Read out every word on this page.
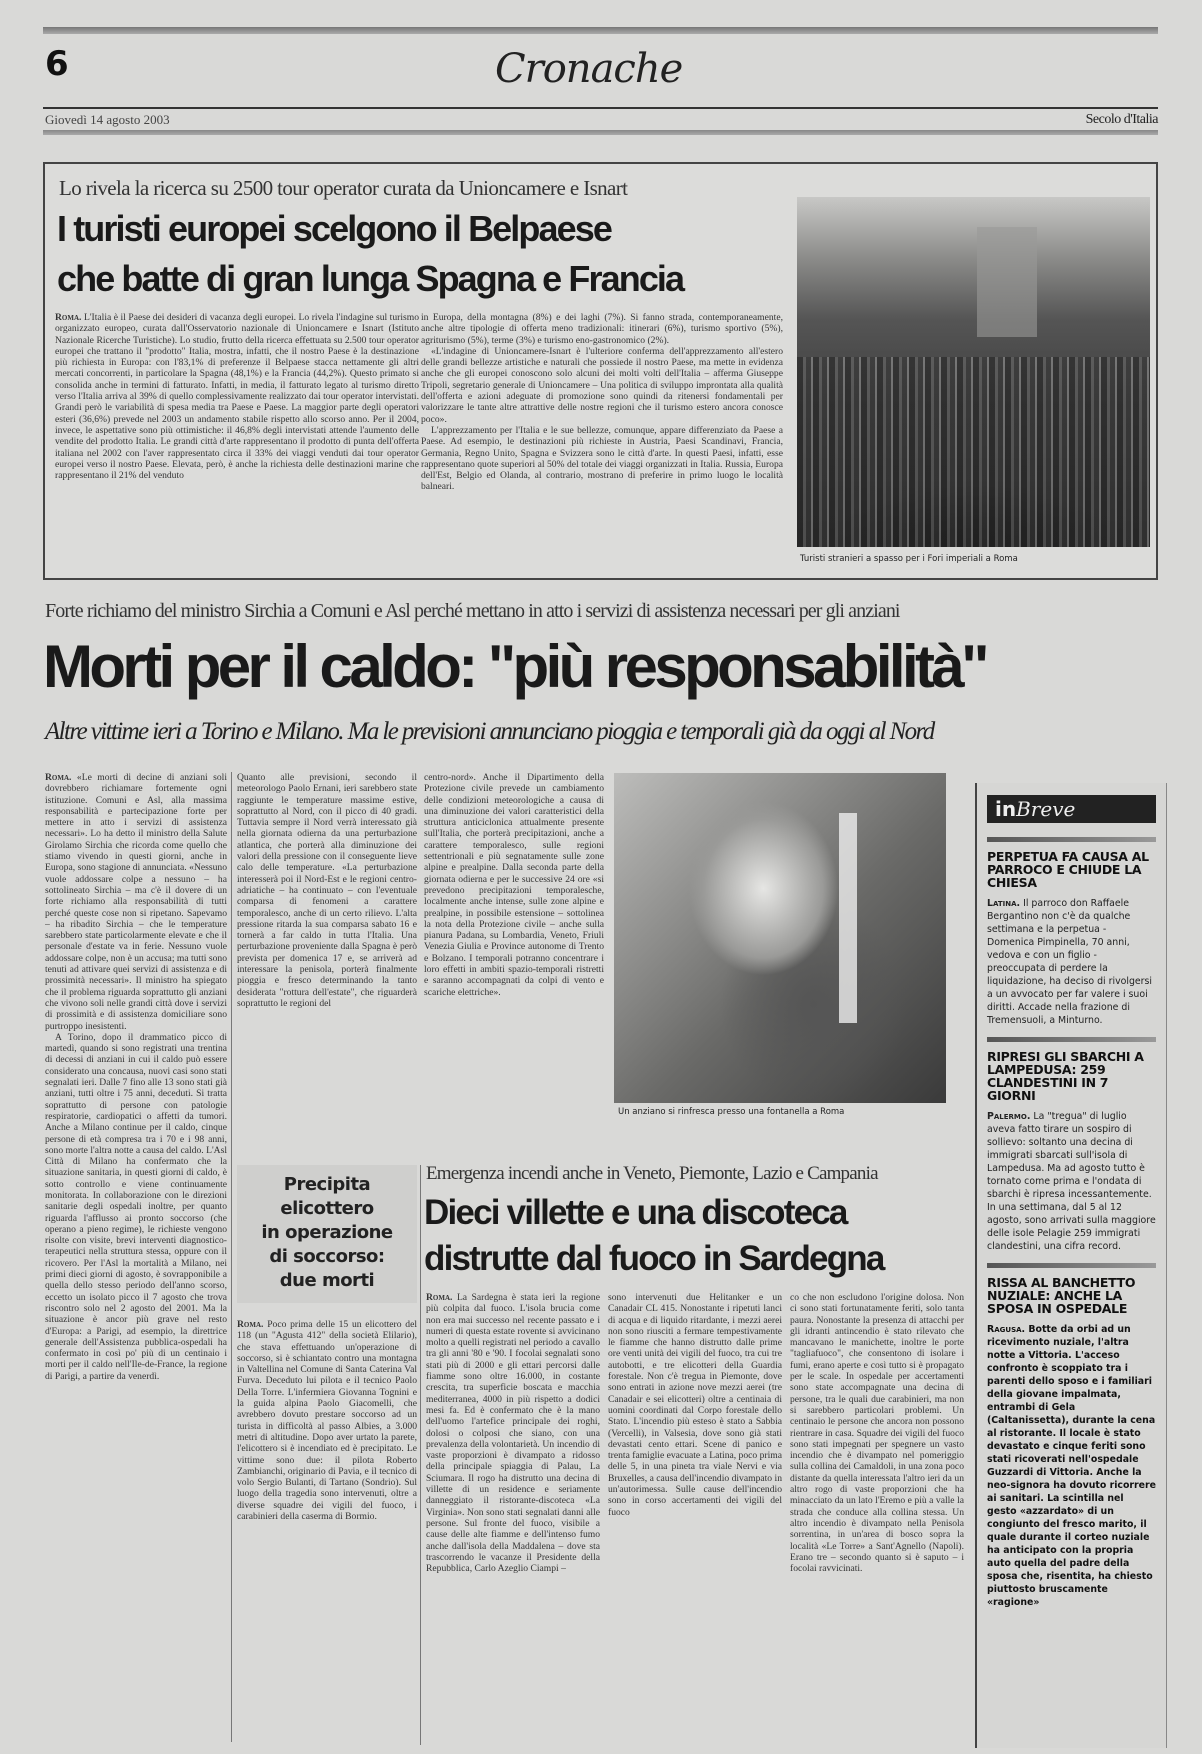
6	Cronache
Giovedì 14 agosto 2003	Secolo d'Italia
Lo rivela la ricerca su 2500 tour operator curata da Unioncamere e Isnart
I turisti europei scelgono il Belpaese
che batte di gran lunga Spagna e Francia

Roma. L'Italia è il Paese dei desideri di vacanza degli europei. Lo rivela l'indagine sul turismo organizzato europeo, curata dall'Osservatorio nazionale di Unioncamere e Isnart (Istituto Nazionale Ricerche Turistiche). Lo studio, frutto della ricerca effettuata su 2.500 tour operator europei che trattano il "prodotto" Italia, mostra, infatti, che il nostro Paese è la destinazione più richiesta in Europa: con l'83,1% di preferenze il Belpaese stacca nettamente gli altri mercati concorrenti, in particolare la Spagna (48,1%) e la Francia (44,2%). Questo primato si consolida anche in termini di fatturato. Infatti, in media, il fatturato legato al turismo diretto verso l'Italia arriva al 39% di quello complessivamente realizzato dai tour operator intervistati. Grandi però le variabilità di spesa media tra Paese e Paese. La maggior parte degli operatori esteri (36,6%) prevede nel 2003 un andamento stabile rispetto allo scorso anno. Per il 2004, invece, le aspettative sono più ottimistiche: il 46,8% degli intervistati attende l'aumento delle vendite del prodotto Italia. Le grandi città d'arte rappresentano il prodotto di punta dell'offerta italiana nel 2002 con l'aver rappresentato circa il 33% dei viaggi venduti dai tour operator europei verso il nostro Paese. Elevata, però, è anche la richiesta delle destinazioni marine che rappresentano il 21% del venduto

in Europa, della montagna (8%) e dei laghi (7%). Si fanno strada, contemporaneamente, anche altre tipologie di offerta meno tradizionali: itinerari (6%), turismo sportivo (5%), agriturismo (5%), terme (3%) e turismo eno-gastronomico (2%).

«L'indagine di Unioncamere-Isnart è l'ulteriore conferma dell'apprezzamento all'estero delle grandi bellezze artistiche e naturali che possiede il nostro Paese, ma mette in evidenza anche che gli europei conoscono solo alcuni dei molti volti dell'Italia – afferma Giuseppe Tripoli, segretario generale di Unioncamere – Una politica di sviluppo improntata alla qualità dell'offerta e azioni adeguate di promozione sono quindi da ritenersi fondamentali per valorizzare le tante altre attrattive delle nostre regioni che il turismo estero ancora conosce poco».

L'apprezzamento per l'Italia e le sue bellezze, comunque, appare differenziato da Paese a Paese. Ad esempio, le destinazioni più richieste in Austria, Paesi Scandinavi, Francia, Germania, Regno Unito, Spagna e Svizzera sono le città d'arte. In questi Paesi, infatti, esse rappresentano quote superiori al 50% del totale dei viaggi organizzati in Italia. Russia, Europa dell'Est, Belgio ed Olanda, al contrario, mostrano di preferire in primo luogo le località balneari.

Turisti stranieri a spasso per i Fori imperiali a Roma
Forte richiamo del ministro Sirchia a Comuni e Asl perché mettano in atto i servizi di assistenza necessari per gli anziani
Morti per il caldo: "più responsabilità"
Altre vittime ieri a Torino e Milano. Ma le previsioni annunciano pioggia e temporali già da oggi al Nord

Roma. «Le morti di decine di anziani soli dovrebbero richiamare fortemente ogni istituzione. Comuni e Asl, alla massima responsabilità e partecipazione forte per mettere in atto i servizi di assistenza necessari». Lo ha detto il ministro della Salute Girolamo Sirchia che ricorda come quello che stiamo vivendo in questi giorni, anche in Europa, sono stagione di annunciata. «Nessuno vuole addossare colpe a nessuno – ha sottolineato Sirchia – ma c'è il dovere di un forte richiamo alla responsabilità di tutti perché queste cose non si ripetano. Sapevamo – ha ribadito Sirchia – che le temperature sarebbero state particolarmente elevate e che il personale d'estate va in ferie. Nessuno vuole addossare colpe, non è un accusa; ma tutti sono tenuti ad attivare quei servizi di assistenza e di prossimità necessari». Il ministro ha spiegato che il problema riguarda soprattutto gli anziani che vivono soli nelle grandi città dove i servizi di prossimità e di assistenza domiciliare sono purtroppo inesistenti.

A Torino, dopo il drammatico picco di martedì, quando si sono registrati una trentina di decessi di anziani in cui il caldo può essere considerato una concausa, nuovi casi sono stati segnalati ieri. Dalle 7 fino alle 13 sono stati già anziani, tutti oltre i 75 anni, deceduti. Si tratta soprattutto di persone con patologie respiratorie, cardiopatici o affetti da tumori. Anche a Milano continue per il caldo, cinque persone di età compresa tra i 70 e i 98 anni, sono morte l'altra notte a causa del caldo. L'Asl Città di Milano ha confermato che la situazione sanitaria, in questi giorni di caldo, è sotto controllo e viene continuamente monitorata. In collaborazione con le direzioni sanitarie degli ospedali inoltre, per quanto riguarda l'afflusso ai pronto soccorso (che operano a pieno regime), le richieste vengono risolte con visite, brevi interventi diagnostico-terapeutici nella struttura stessa, oppure con il ricovero. Per l'Asl la mortalità a Milano, nei primi dieci giorni di agosto, è sovrapponibile a quella dello stesso periodo dell'anno scorso, eccetto un isolato picco il 7 agosto che trova riscontro solo nel 2 agosto del 2001. Ma la situazione è ancor più grave nel resto d'Europa: a Parigi, ad esempio, la direttrice generale dell'Assistenza pubblica-ospedali ha confermato in così po' più di un centinaio i morti per il caldo nell'Ile-de-France, la regione di Parigi, a partire da venerdì.

Quanto alle previsioni, secondo il meteorologo Paolo Ernani, ieri sarebbero state raggiunte le temperature massime estive, soprattutto al Nord, con il picco di 40 gradi. Tuttavia sempre il Nord verrà interessato già nella giornata odierna da una perturbazione atlantica, che porterà alla diminuzione dei valori della pressione con il conseguente lieve calo delle temperature. «La perturbazione interesserà poi il Nord-Est e le regioni centro-adriatiche – ha continuato – con l'eventuale comparsa di fenomeni a carattere temporalesco, anche di un certo rilievo. L'alta pressione ritarda la sua comparsa sabato 16 e tornerà a far caldo in tutta l'Italia. Una perturbazione proveniente dalla Spagna è però prevista per domenica 17 e, se arriverà ad interessare la penisola, porterà finalmente pioggia e fresco determinando la tanto desiderata "rottura dell'estate", che riguarderà soprattutto le regioni del

centro-nord». Anche il Dipartimento della Protezione civile prevede un cambiamento delle condizioni meteorologiche a causa di una diminuzione dei valori caratteristici della struttura anticiclonica attualmente presente sull'Italia, che porterà precipitazioni, anche a carattere temporalesco, sulle regioni settentrionali e più segnatamente sulle zone alpine e prealpine. Dalla seconda parte della giornata odierna e per le successive 24 ore «si prevedono precipitazioni temporalesche, localmente anche intense, sulle zone alpine e prealpine, in possibile estensione – sottolinea la nota della Protezione civile – anche sulla pianura Padana, su Lombardia, Veneto, Friuli Venezia Giulia e Province autonome di Trento e Bolzano. I temporali potranno concentrare i loro effetti in ambiti spazio-temporali ristretti e saranno accompagnati da colpi di vento e scariche elettriche».

Un anziano si rinfresca presso una fontanella a Roma
Precipita
elicottero
in operazione
di soccorso:
due morti

Roma. Poco prima delle 15 un elicottero del 118 (un "Agusta 412" della società Elilario), che stava effettuando un'operazione di soccorso, si è schiantato contro una montagna in Valtellina nel Comune di Santa Caterina Val Furva. Deceduto lui pilota e il tecnico Paolo Della Torre. L'infermiera Giovanna Tognini e la guida alpina Paolo Giacomelli, che avrebbero dovuto prestare soccorso ad un turista in difficoltà al passo Albies, a 3.000 metri di altitudine. Dopo aver urtato la parete, l'elicottero si è incendiato ed è precipitato. Le vittime sono due: il pilota Roberto Zambianchi, originario di Pavia, e il tecnico di volo Sergio Bulanti, di Tartano (Sondrio). Sul luogo della tragedia sono intervenuti, oltre a diverse squadre dei vigili del fuoco, i carabinieri della caserma di Bormio.

Emergenza incendi anche in Veneto, Piemonte, Lazio e Campania
Dieci villette e una discoteca
distrutte dal fuoco in Sardegna

Roma. La Sardegna è stata ieri la regione più colpita dal fuoco. L'isola brucia come non era mai successo nel recente passato e i numeri di questa estate rovente si avvicinano molto a quelli registrati nel periodo a cavallo tra gli anni '80 e '90. I focolai segnalati sono stati più di 2000 e gli ettari percorsi dalle fiamme sono oltre 16.000, in costante crescita, tra superficie boscata e macchia mediterranea, 4000 in più rispetto a dodici mesi fa. Ed è confermato che è la mano dell'uomo l'artefice principale dei roghi, dolosi o colposi che siano, con una prevalenza della volontarietà. Un incendio di vaste proporzioni è divampato a ridosso della principale spiaggia di Palau, La Sciumara. Il rogo ha distrutto una decina di villette di un residence e seriamente danneggiato il ristorante-discoteca «La Virginia». Non sono stati segnalati danni alle persone. Sul fronte del fuoco, visibile a cause delle alte fiamme e dell'intenso fumo anche dall'isola della Maddalena – dove sta trascorrendo le vacanze il Presidente della Repubblica, Carlo Azeglio Ciampi –

sono intervenuti due Helitanker e un Canadair CL 415. Nonostante i ripetuti lanci di acqua e di liquido ritardante, i mezzi aerei non sono riusciti a fermare tempestivamente le fiamme che hanno distrutto dalle prime ore venti unità dei vigili del fuoco, tra cui tre autobotti, e tre elicotteri della Guardia forestale. Non c'è tregua in Piemonte, dove sono entrati in azione nove mezzi aerei (tre Canadair e sei elicotteri) oltre a centinaia di uomini coordinati dal Corpo forestale dello Stato. L'incendio più esteso è stato a Sabbia (Vercelli), in Valsesia, dove sono già stati devastati cento ettari. Scene di panico e trenta famiglie evacuate a Latina, poco prima delle 5, in una pineta tra viale Nervi e via Bruxelles, a causa dell'incendio divampato in un'autorimessa. Sulle cause dell'incendio sono in corso accertamenti dei vigili del fuoco

co che non escludono l'origine dolosa. Non ci sono stati fortunatamente feriti, solo tanta paura. Nonostante la presenza di attacchi per gli idranti antincendio è stato rilevato che mancavano le manichette, inoltre le porte "tagliafuoco", che consentono di isolare i fumi, erano aperte e così tutto si è propagato per le scale. In ospedale per accertamenti sono state accompagnate una decina di persone, tra le quali due carabinieri, ma non si sarebbero particolari problemi. Un centinaio le persone che ancora non possono rientrare in casa. Squadre dei vigili del fuoco sono stati impegnati per spegnere un vasto incendio che è divampato nel pomeriggio sulla collina dei Camaldoli, in una zona poco distante da quella interessata l'altro ieri da un altro rogo di vaste proporzioni che ha minacciato da un lato l'Eremo e più a valle la strada che conduce alla collina stessa. Un altro incendio è divampato nella Penisola sorrentina, in un'area di bosco sopra la località «Le Torre» a Sant'Agnello (Napoli). Erano tre – secondo quanto si è saputo – i focolai ravvicinati.

inBreve
PERPETUA FA CAUSA AL PARROCO E CHIUDE LA CHIESA
Latina. Il parroco don Raffaele Bergantino non c'è da qualche settimana e la perpetua - Domenica Pimpinella, 70 anni, vedova e con un figlio - preoccupata di perdere la liquidazione, ha deciso di rivolgersi a un avvocato per far valere i suoi diritti. Accade nella frazione di Tremensuoli, a Minturno.
RIPRESI GLI SBARCHI A LAMPEDUSA: 259 CLANDESTINI IN 7 GIORNI
Palermo. La "tregua" di luglio aveva fatto tirare un sospiro di sollievo: soltanto una decina di immigrati sbarcati sull'isola di Lampedusa. Ma ad agosto tutto è tornato come prima e l'ondata di sbarchi è ripresa incessantemente. In una settimana, dal 5 al 12 agosto, sono arrivati sulla maggiore delle isole Pelagie 259 immigrati clandestini, una cifra record.
RISSA AL BANCHETTO NUZIALE: ANCHE LA SPOSA IN OSPEDALE
Ragusa. Botte da orbi ad un ricevimento nuziale, l'altra notte a Vittoria. L'acceso confronto è scoppiato tra i parenti dello sposo e i familiari della giovane impalmata, entrambi di Gela (Caltanissetta), durante la cena al ristorante. Il locale è stato devastato e cinque feriti sono stati ricoverati nell'ospedale Guzzardi di Vittoria. Anche la neo-signora ha dovuto ricorrere ai sanitari. La scintilla nel gesto «azzardato» di un congiunto del fresco marito, il quale durante il corteo nuziale ha anticipato con la propria auto quella del padre della sposa che, risentita, ha chiesto piuttosto bruscamente «ragione»
